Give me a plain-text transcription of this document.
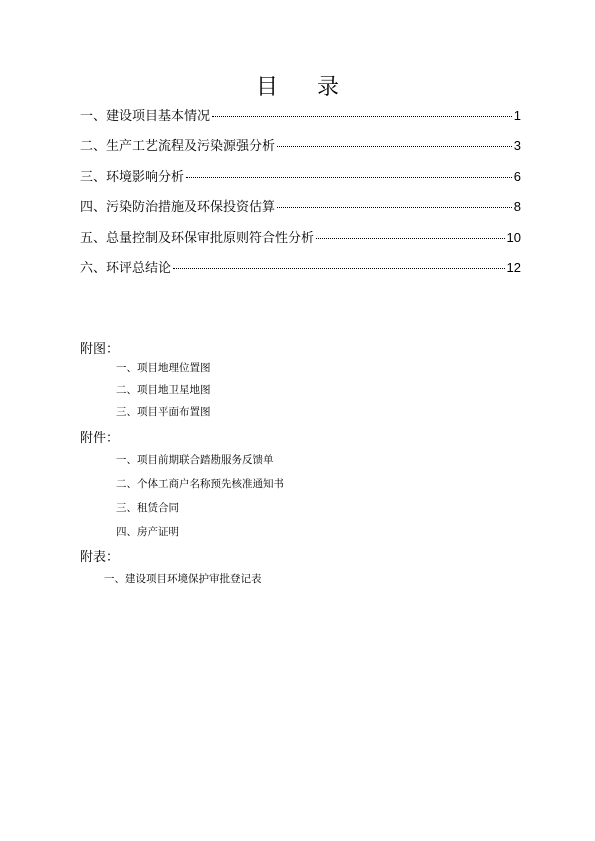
目 录
一、建设项目基本情况	1
二、生产工艺流程及污染源强分析	3
三、环境影响分析	6
四、污染防治措施及环保投资估算	8
五、总量控制及环保审批原则符合性分析	10
六、环评总结论	12
附图：
一、项目地理位置图
二、项目地卫星地图
三、项目平面布置图
附件：
一、项目前期联合踏勘服务反馈单
二、个体工商户名称预先核准通知书
三、租赁合同
四、房产证明
附表：
一、建设项目环境保护审批登记表
